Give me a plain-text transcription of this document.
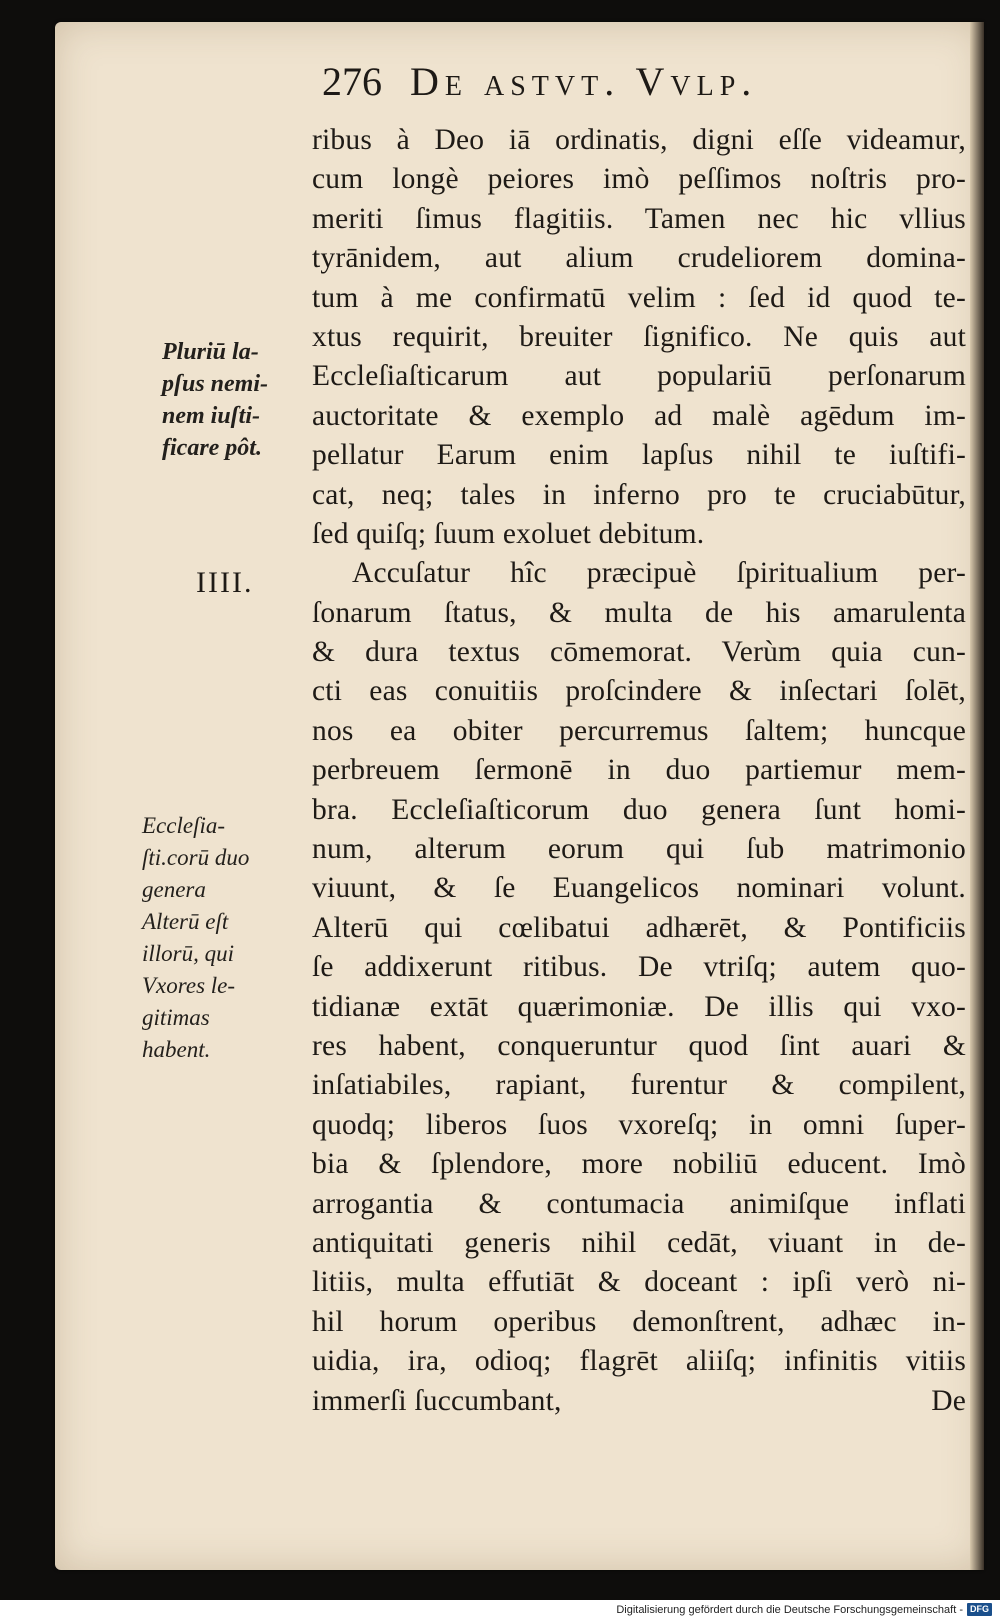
276 De astvt. Vvlp.
Pluriū la-
pſus nemi-
nem iuſti-
ficare pôt.
IIII.
Eccleſia-
ſti.corū duo
genera
Alterū eſt
illorū, qui
Vxores le-
gitimas
habent.
ribus à Deo iā ordinatis, digni eſſe videamur,
cum longè peiores imò peſſimos noſtris pro-
meriti ſimus flagitiis. Tamen nec hic vllius
tyrānidem, aut alium crudeliorem domina-
tum à me confirmatū velim : ſed id quod te-
xtus requirit, breuiter ſignifico. Ne quis aut
Eccleſiaſticarum aut populariū perſonarum
auctoritate & exemplo ad malè agēdum im-
pellatur Earum enim lapſus nihil te iuſtifi-
cat, neq; tales in inferno pro te cruciabūtur,
ſed quiſq; ſuum exoluet debitum.
Accuſatur hîc præcipuè ſpiritualium per-
ſonarum ſtatus, & multa de his amarulenta
& dura textus cōmemorat. Verùm quia cun-
cti eas conuitiis proſcindere & inſectari ſolēt,
nos ea obiter percurremus ſaltem; huncque
perbreuem ſermonē in duo partiemur mem-
bra. Eccleſiaſticorum duo genera ſunt homi-
num, alterum eorum qui ſub matrimonio
viuunt, & ſe Euangelicos nominari volunt.
Alterū qui cœlibatui adhærēt, & Pontificiis
ſe addixerunt ritibus. De vtriſq; autem quo-
tidianæ extāt quærimoniæ. De illis qui vxo-
res habent, conqueruntur quod ſint auari &
inſatiabiles, rapiant, furentur & compilent,
quodq; liberos ſuos vxoreſq; in omni ſuper-
bia & ſplendore, more nobiliū educent. Imò
arrogantia & contumacia animiſque inflati
antiquitati generis nihil cedāt, viuant in de-
litiis, multa effutiāt & doceant : ipſi verò ni-
hil horum operibus demonſtrent, adhæc in-
uidia, ira, odioq; flagrēt aliiſq; infinitis vitiis
immerſi ſuccumbant,	De
Digitalisierung gefördert durch die Deutsche Forschungsgemeinschaft - DFG
